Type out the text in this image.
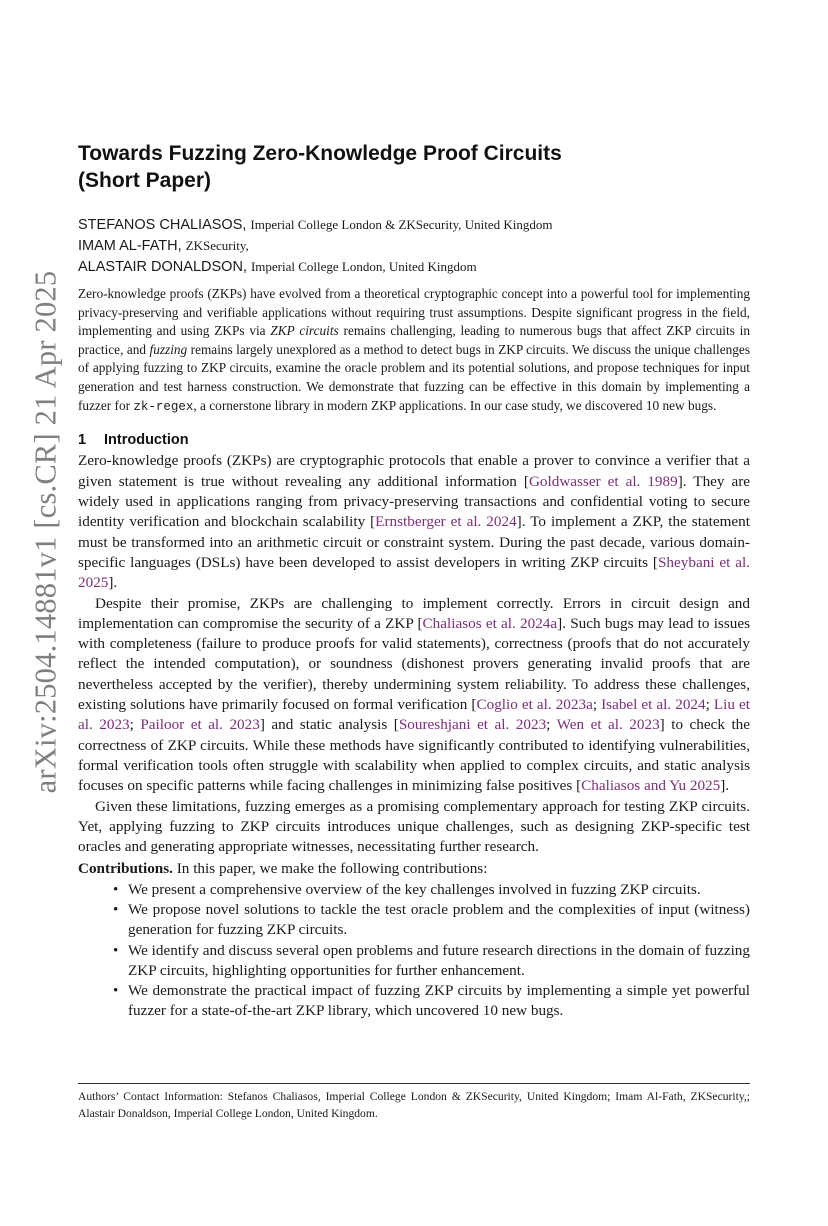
arXiv:2504.14881v1 [cs.CR] 21 Apr 2025
Towards Fuzzing Zero-Knowledge Proof Circuits
(Short Paper)

STEFANOS CHALIASOS, Imperial College London & ZKSecurity, United Kingdom

IMAM AL-FATH, ZKSecurity,

ALASTAIR DONALDSON, Imperial College London, United Kingdom

Zero-knowledge proofs (ZKPs) have evolved from a theoretical cryptographic concept into a powerful tool for implementing privacy-preserving and verifiable applications without requiring trust assumptions. Despite significant progress in the field, implementing and using ZKPs via ZKP circuits remains challenging, leading to numerous bugs that affect ZKP circuits in practice, and fuzzing remains largely unexplored as a method to detect bugs in ZKP circuits. We discuss the unique challenges of applying fuzzing to ZKP circuits, examine the oracle problem and its potential solutions, and propose techniques for input generation and test harness construction. We demonstrate that fuzzing can be effective in this domain by implementing a fuzzer for zk-regex, a cornerstone library in modern ZKP applications. In our case study, we discovered 10 new bugs.

1 Introduction

Zero-knowledge proofs (ZKPs) are cryptographic protocols that enable a prover to convince a verifier that a given statement is true without revealing any additional information [Goldwasser et al. 1989]. They are widely used in applications ranging from privacy-preserving transactions and confidential voting to secure identity verification and blockchain scalability [Ernstberger et al. 2024]. To implement a ZKP, the statement must be transformed into an arithmetic circuit or constraint system. During the past decade, various domain-specific languages (DSLs) have been developed to assist developers in writing ZKP circuits [Sheybani et al. 2025].

Despite their promise, ZKPs are challenging to implement correctly. Errors in circuit design and implementation can compromise the security of a ZKP [Chaliasos et al. 2024a]. Such bugs may lead to issues with completeness (failure to produce proofs for valid statements), correctness (proofs that do not accurately reflect the intended computation), or soundness (dishonest provers generating invalid proofs that are nevertheless accepted by the verifier), thereby undermining system reliability. To address these challenges, existing solutions have primarily focused on formal verification [Coglio et al. 2023a; Isabel et al. 2024; Liu et al. 2023; Pailoor et al. 2023] and static analysis [Soureshjani et al. 2023; Wen et al. 2023] to check the correctness of ZKP circuits. While these methods have significantly contributed to identifying vulnerabilities, formal verification tools often struggle with scalability when applied to complex circuits, and static analysis focuses on specific patterns while facing challenges in minimizing false positives [Chaliasos and Yu 2025].

Given these limitations, fuzzing emerges as a promising complementary approach for testing ZKP circuits. Yet, applying fuzzing to ZKP circuits introduces unique challenges, such as designing ZKP-specific test oracles and generating appropriate witnesses, necessitating further research.

Contributions. In this paper, we make the following contributions:

• We present a comprehensive overview of the key challenges involved in fuzzing ZKP circuits.
• We propose novel solutions to tackle the test oracle problem and the complexities of input (witness) generation for fuzzing ZKP circuits.
• We identify and discuss several open problems and future research directions in the domain of fuzzing ZKP circuits, highlighting opportunities for further enhancement.
• We demonstrate the practical impact of fuzzing ZKP circuits by implementing a simple yet powerful fuzzer for a state-of-the-art ZKP library, which uncovered 10 new bugs.
Authors’ Contact Information: Stefanos Chaliasos, Imperial College London & ZKSecurity, United Kingdom; Imam Al-Fath, ZKSecurity,; Alastair Donaldson, Imperial College London, United Kingdom.
